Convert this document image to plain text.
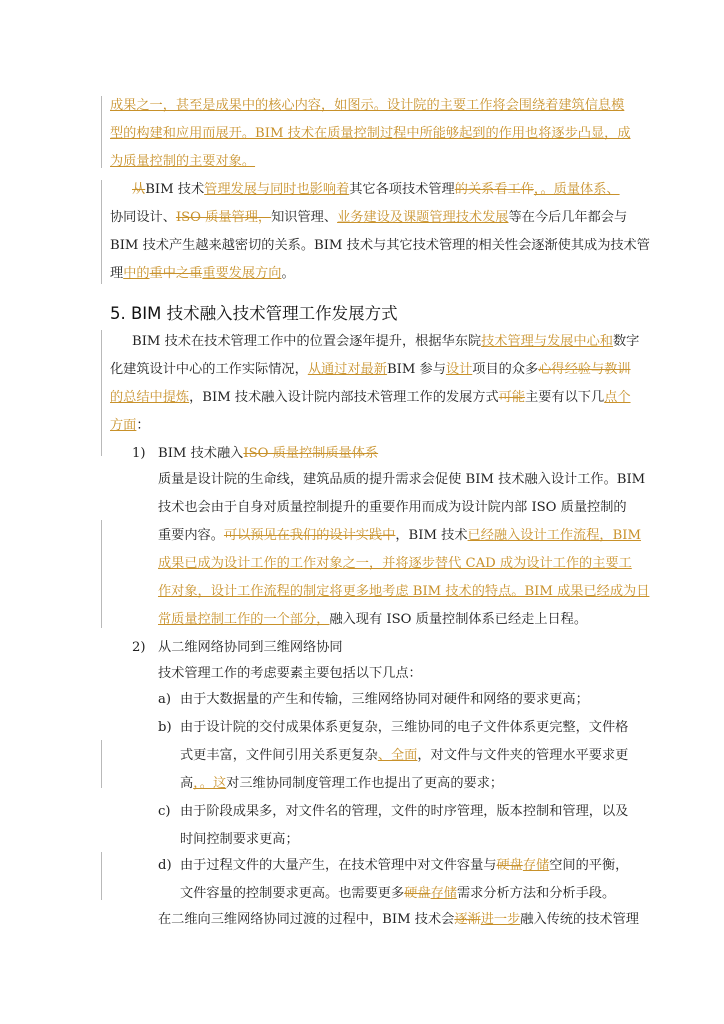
成果之一，甚至是成果中的核心内容，如图示。设计院的主要工作将会围绕着建筑信息模
型的构建和应用而展开。BIM 技术在质量控制过程中所能够起到的作用也将逐步凸显，成
为质量控制的主要对象。
从BIM 技术管理发展与同时也影响着其它各项技术管理的关系看工作，。质量体系、
协同设计、ISO 质量管理，知识管理、业务建设及课题管理技术发展等在今后几年都会与
BIM 技术产生越来越密切的关系。BIM 技术与其它技术管理的相关性会逐渐使其成为技术管
理中的重中之重重要发展方向。
5. BIM 技术融入技术管理工作发展方式
BIM 技术在技术管理工作中的位置会逐年提升，根据华东院技术管理与发展中心和数字
化建筑设计中心的工作实际情况，从通过对最新BIM 参与设计项目的众多心得经验与教训
的总结中提炼，BIM 技术融入设计院内部技术管理工作的发展方式可能主要有以下几点个
方面：
1) BIM 技术融入ISO 质量控制质量体系
质量是设计院的生命线，建筑品质的提升需求会促使 BIM 技术融入设计工作。BIM
技术也会由于自身对质量控制提升的重要作用而成为设计院内部 ISO 质量控制的
重要内容。可以预见在我们的设计实践中，BIM 技术已经融入设计工作流程，BIM
成果已成为设计工作的工作对象之一，并将逐步替代 CAD 成为设计工作的主要工
作对象，设计工作流程的制定将更多地考虑 BIM 技术的特点。BIM 成果已经成为日
常质量控制工作的一个部分，融入现有 ISO 质量控制体系已经走上日程。
2) 从二维网络协同到三维网络协同
技术管理工作的考虑要素主要包括以下几点：
a) 由于大数据量的产生和传输，三维网络协同对硬件和网络的要求更高；
b) 由于设计院的交付成果体系更复杂，三维协同的电子文件体系更完整，文件格
式更丰富，文件间引用关系更复杂、全面，对文件与文件夹的管理水平要求更
高，。这对三维协同制度管理工作也提出了更高的要求；
c) 由于阶段成果多，对文件名的管理，文件的时序管理，版本控制和管理，以及
时间控制要求更高；
d) 由于过程文件的大量产生，在技术管理中对文件容量与硬盘存储空间的平衡，
文件容量的控制要求更高。也需要更多硬盘存储需求分析方法和分析手段。
在二维向三维网络协同过渡的过程中，BIM 技术会逐渐进一步融入传统的技术管理
